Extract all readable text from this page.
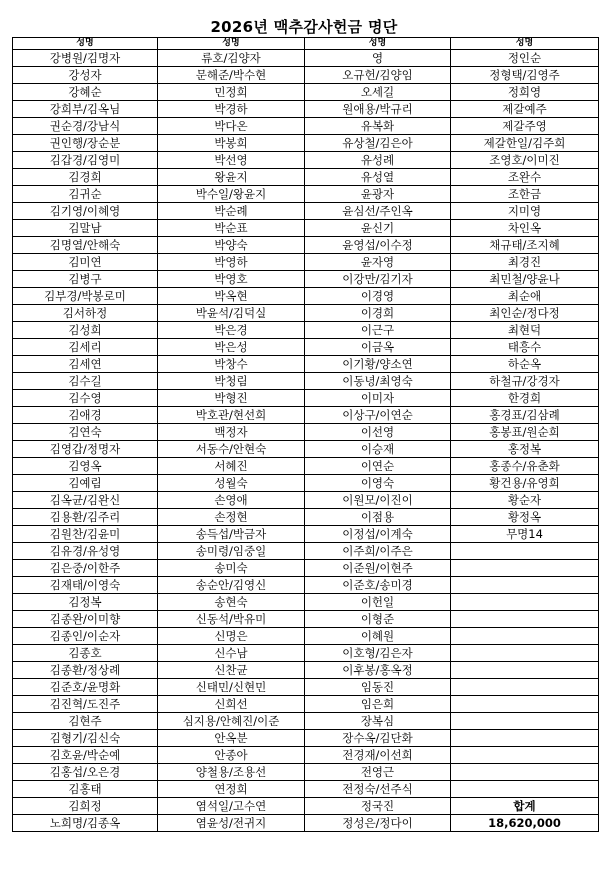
2026년 맥추감사헌금 명단
성명	성명	성명	성명
강병원/김명자	류호/김양자	영	정인순
강성자	문해준/박수현	오규헌/김양임	정형택/김영주
강혜순	민정희	오세길	정희영
강희부/김옥님	박경하	원애용/박규리	제갈예주
권순경/강남식	박다온	유복화	제갈주영
권인행/장순분	박봉희	유상철/김은아	제갈한일/김주희
김갑경/김영미	박선영	유성례	조영호/이미진
김경희	왕윤지	유성열	조완수
김귀순	박수일/왕윤지	윤광자	조한금
김기영/이혜영	박순례	윤심선/주인옥	지미영
김말남	박순표	윤신기	차인옥
김명열/안해숙	박양숙	윤영섭/이수정	채규태/조지혜
김미연	박영하	윤자영	최경진
김병구	박영호	이강만/김기자	최민철/양윤나
김부경/박봉로미	박옥현	이경영	최순애
김서하정	박윤석/김덕실	이경희	최인순/정다정
김성희	박은경	이근구	최현덕
김세리	박은성	이금옥	태흥수
김세연	박창수	이기황/양소연	하순옥
김수길	박청림	이동녕/최영숙	하철규/강경자
김수영	박형진	이미자	한경희
김애경	박호관/현선희	이상구/이연순	홍경표/김삼례
김연숙	백정자	이선영	홍봉표/원순희
김영갑/정명자	서동수/안현숙	이승재	홍정복
김영옥	서혜진	이연순	홍종수/유춘화
김예림	성월숙	이영숙	황건용/유영희
김옥균/김완신	손영애	이원모/이진이	황순자
김용환/김주리	손정현	이점용	황정옥
김원찬/김윤미	송득섭/박금자	이정섭/이계숙	무명14
김유경/유성영	송미령/임중일	이주희/이주은	
김은중/이한주	송미숙	이준원/이현주	
김재태/이영숙	송순안/김영신	이준호/송미경	
김정복	송현숙	이헌일	
김종완/이미향	신동석/박유미	이형준	
김종인/이순자	신명은	이혜원	
김종호	신수남	이호형/김은자	
김종환/정상례	신찬균	이후봉/홍옥정	
김준호/윤명화	신태민/신현민	임동진	
김진혁/도진주	신희선	임은희	
김현주	심지용/안혜진/이준	장복심	
김형기/김신숙	안옥분	장수옥/김단화	
김호윤/박순예	안종아	전경재/이선희	
김홍섭/오은경	양철용/조용선	전영근	
김홍태	연정희	전정숙/선주식	
김희정	염석일/고수연	정국진	합계
노희명/김종옥	염윤성/전귀지	정성은/정다이	18,620,000
